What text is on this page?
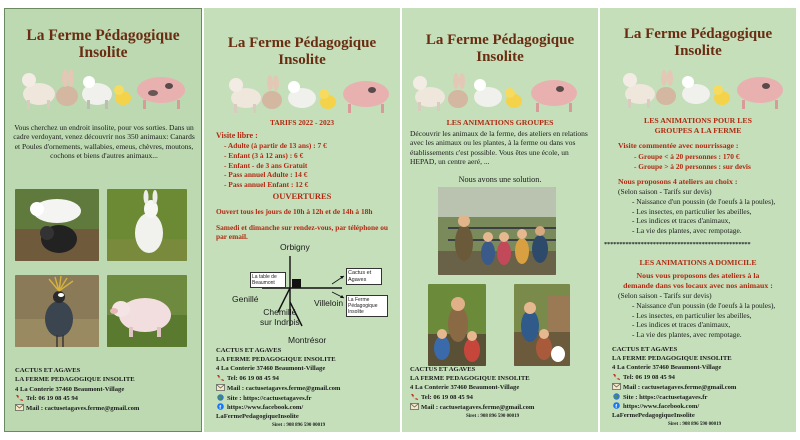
La Ferme Pédagogique
Insolite
Vous cherchez un endroit insolite, pour vos sorties. Dans un cadre verdoyant, venez découvrir nos 350 animaux: Canards et Poules d'ornements, wallabies, emeus, chèvres, moutons, cochons et biens d'autres animaux...
CACTUS ET AGAVES
LA FERME PEDAGOGIQUE INSOLITE
4 La Conterie 37460 Beaumont-Village
Tel: 06 19 08 45 94
Mail : cactusetagaves.ferme@gmail.com
La Ferme Pédagogique
Insolite
TARIFS 2022 - 2023
Visite libre :
- Adulte (à partir de 13 ans) : 7 €
- Enfant (3 à 12 ans) : 6 €
- Enfant - de 3 ans Gratuit
- Pass annuel Adulte : 14 €
- Pass annuel Enfant : 12 €
OUVERTURES
Ouvert tous les jours de 10h à 12h et de 14h à 18h
Samedi et dimanche sur rendez-vous, par téléphone ou par email.
Orbigny
La table de
Beaumont
Cactus et Agaves
La Ferme
Pédagogique
Insolite
Genillé	Villeloin
Chemillé
sur Indrois
Montrésor
CACTUS ET AGAVES
LA FERME PEDAGOGIQUE INSOLITE
4 La Conterie 37460 Beaumont-Village
Tel: 06 19 08 45 94
Mail : cactusetagaves.ferme@gmail.com
Site : https://cactusetagaves.fr
f https://www.facebook.com/
LaFermePedagogiqueInsolite
Siret : 908 896 590 00019
La Ferme Pédagogique
Insolite
LES ANIMATIONS GROUPES
Découvrir les animaux de la ferme, des ateliers en relations avec les animaux ou les plantes, à la ferme ou dans vos établissements c'est possible. Vous êtes une école, un HEPAD, un centre aeré, ...
Nous avons une solution.
CACTUS ET AGAVES
LA FERME PEDAGOGIQUE INSOLITE
4 La Conterie 37460 Beaumont-Village
Tel: 06 19 08 45 94
Mail : cactusetagaves.ferme@gmail.com
Siret : 908 896 590 00019
La Ferme Pédagogique
Insolite
LES ANIMATIONS POUR LES
GROUPES A LA FERME
Visite commentée avec nourrissage :
- Groupe < à 20 personnes : 170 €
- Groupe > à 20 personnes : sur devis
Nous proposons 4 ateliers au choix :
(Selon saison - Tarifs sur devis)
- Naissance d'un poussin (de l'oeufs à la poules),
- Les insectes, en particulier les abeilles,
- Les indices et traces d'animaux,
- La vie des plantes, avec rempotage.
************************************************
LES ANIMATIONS A DOMICILE
Nous vous proposons des ateliers à la
demande dans vos locaux avec nos animaux :
(Selon saison - Tarifs sur devis)
- Naissance d'un poussin (de l'oeufs à la poules),
- Les insectes, en particulier les abeilles,
- Les indices et traces d'animaux,
- La vie des plantes, avec rempotage.
CACTUS ET AGAVES
LA FERME PEDAGOGIQUE INSOLITE
4 La Conterie 37460 Beaumont-Village
Tel: 06 19 08 45 94
Mail : cactusetagaves.ferme@gmail.com
Site : https://cactusetagaves.fr
f https://www.facebook.com/
LaFermePedagogiqueInsolite
Siret : 908 896 590 00019
